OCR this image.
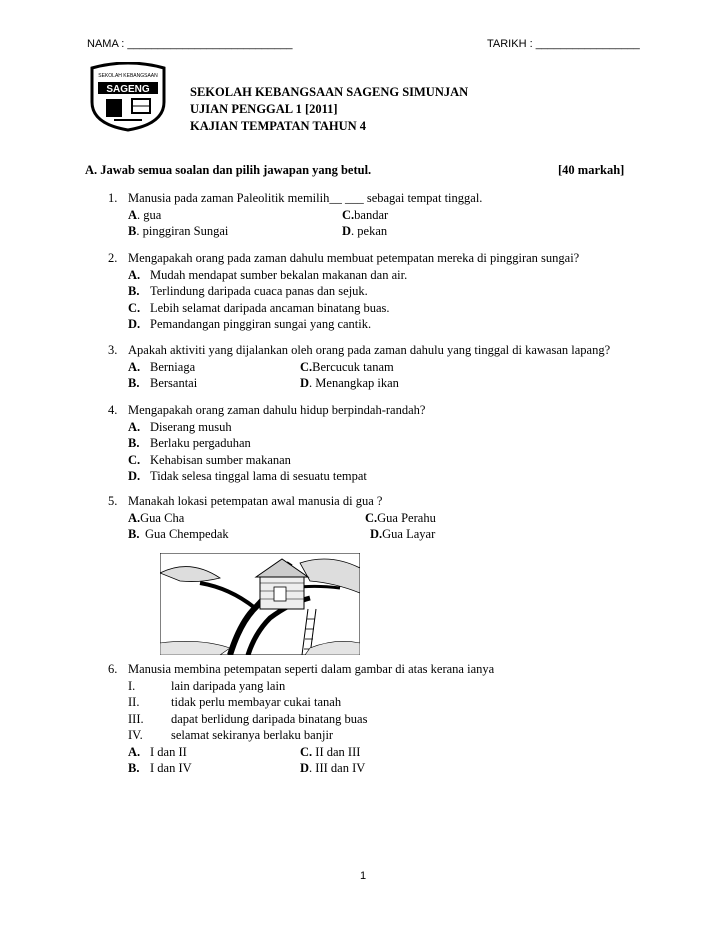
NAMA : ___________________________	TARIKH : _________________
SAGENG
SEKOLAH KEBANGSAAN
SEKOLAH KEBANGSAAN SAGENG SIMUNJAN
UJIAN PENGGAL 1 [2011]
KAJIAN TEMPATAN TAHUN 4
A. Jawab semua soalan dan pilih jawapan yang betul.	[40 markah]
1. Manusia pada zaman Paleolitik memilih__ ___ sebagai tempat tinggal.
A. gua
B. pinggiran Sungai
C.bandar
D. pekan
2. Mengapakah orang pada zaman dahulu membuat petempatan mereka di pinggiran sungai?
A. Mudah mendapat sumber bekalan makanan dan air.
B. Terlindung daripada cuaca panas dan sejuk.
C. Lebih selamat daripada ancaman binatang buas.
D. Pemandangan pinggiran sungai yang cantik.
3. Apakah aktiviti yang dijalankan oleh orang pada zaman dahulu yang tinggal di kawasan lapang?
A. Berniaga
B. Bersantai
C.Bercucuk tanam
D. Menangkap ikan
4. Mengapakah orang zaman dahulu hidup berpindah-randah?
A. Diserang musuh
B. Berlaku pergaduhan
C. Kehabisan sumber makanan
D. Tidak selesa tinggal lama di sesuatu tempat
5. Manakah lokasi petempatan awal manusia di gua ?
A.Gua Cha
B. Gua Chempedak
C.Gua Perahu
D.Gua Layar
6. Manusia membina petempatan seperti dalam gambar di atas kerana ianya
I.	lain daripada yang lain
II.	tidak perlu membayar cukai tanah
III. dapat berlidung daripada binatang buas
IV. selamat sekiranya berlaku banjir
A. I dan II
B. I dan IV
C. II dan III
D. III dan IV
1
